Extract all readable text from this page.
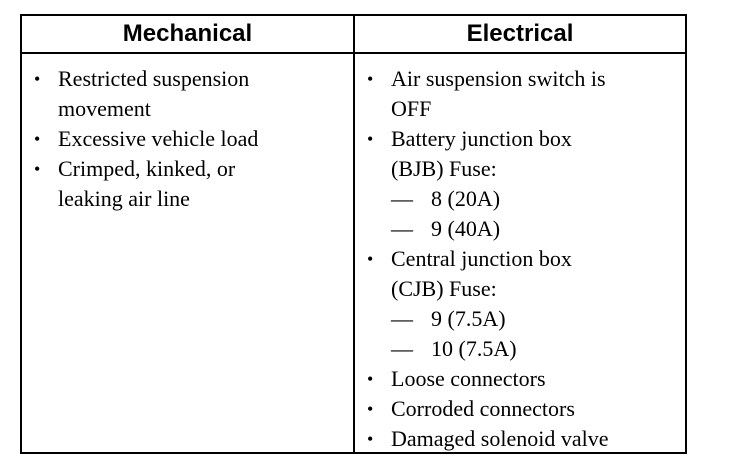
Mechanical	Electrical
• Restricted suspension
movement
• Excessive vehicle load
• Crimped, kinked, or
leaking air line
• Air suspension switch is
OFF
• Battery junction box
(BJB) Fuse:
— 8 (20A)
— 9 (40A)
• Central junction box
(CJB) Fuse:
— 9 (7.5A)
— 10 (7.5A)
• Loose connectors
• Corroded connectors
• Damaged solenoid valve
